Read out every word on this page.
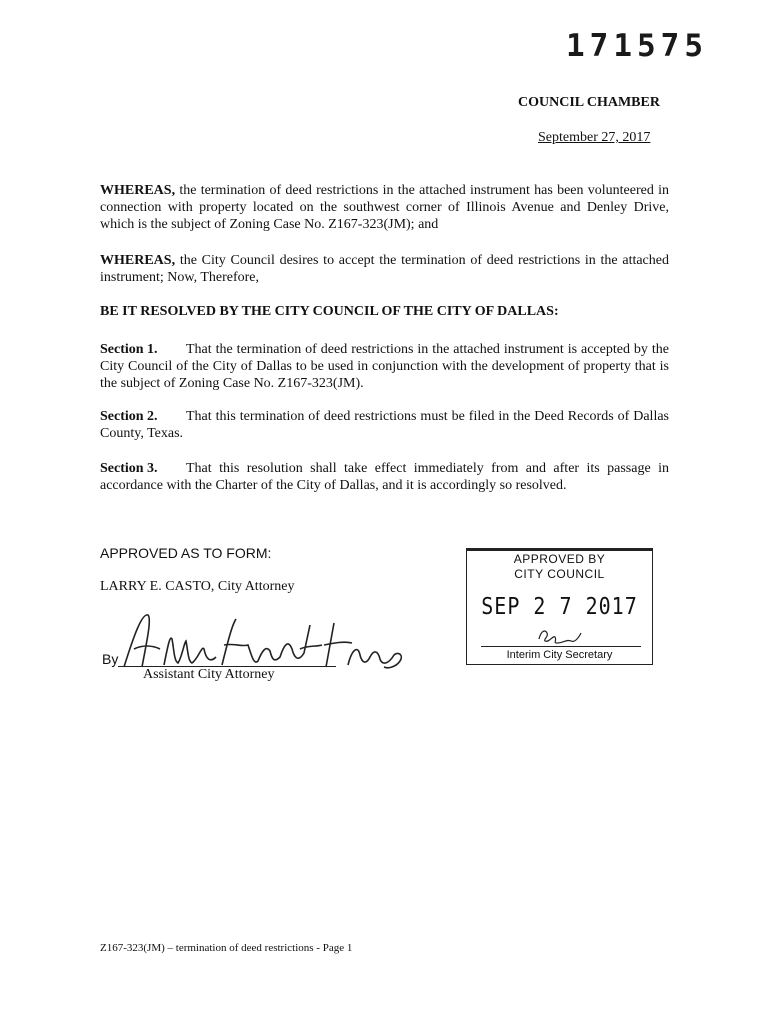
171575
COUNCIL CHAMBER
September 27, 2017
WHEREAS, the termination of deed restrictions in the attached instrument has been volunteered in connection with property located on the southwest corner of Illinois Avenue and Denley Drive, which is the subject of Zoning Case No. Z167-323(JM); and
WHEREAS, the City Council desires to accept the termination of deed restrictions in the attached instrument; Now, Therefore,
BE IT RESOLVED BY THE CITY COUNCIL OF THE CITY OF DALLAS:
Section 1. That the termination of deed restrictions in the attached instrument is accepted by the City Council of the City of Dallas to be used in conjunction with the development of property that is the subject of Zoning Case No. Z167-323(JM).
Section 2. That this termination of deed restrictions must be filed in the Deed Records of Dallas County, Texas.
Section 3. That this resolution shall take effect immediately from and after its passage in accordance with the Charter of the City of Dallas, and it is accordingly so resolved.
APPROVED AS TO FORM:
LARRY E. CASTO, City Attorney
By
Assistant City Attorney
APPROVED BY
CITY COUNCIL
SEP 2 7 2017
Interim City Secretary
Z167-323(JM) – termination of deed restrictions - Page 1
